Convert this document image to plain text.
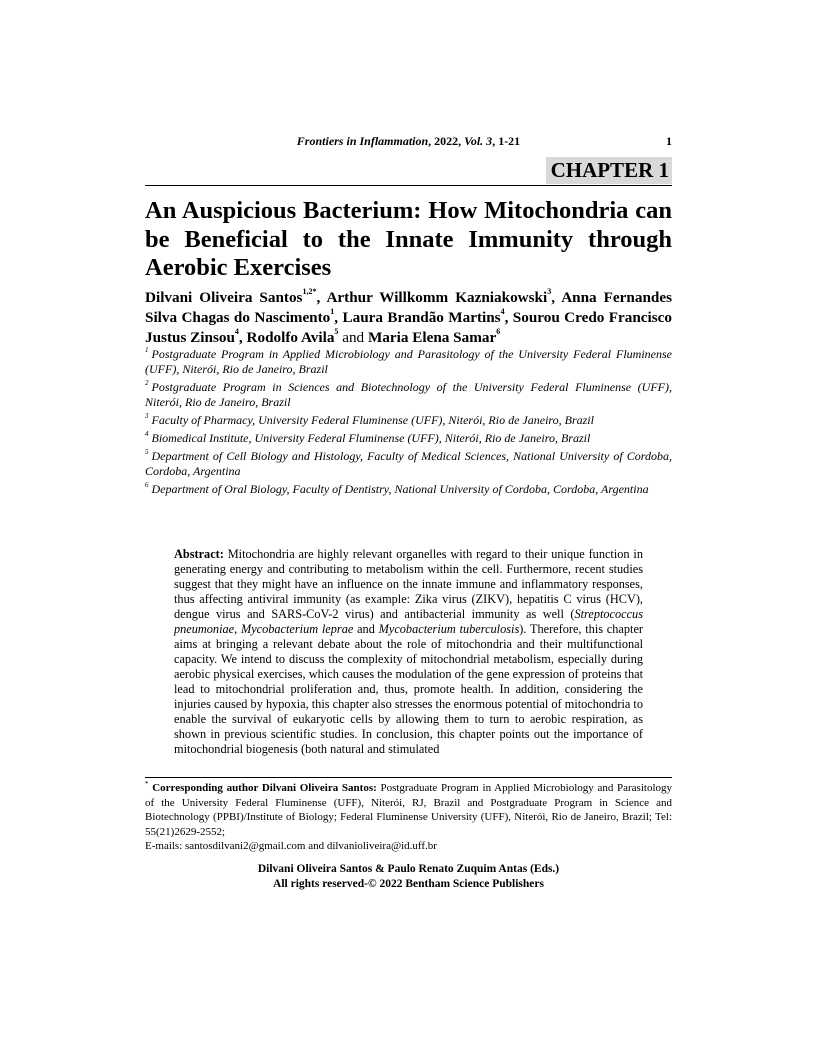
Frontiers in Inflammation, 2022, Vol. 3, 1-21	1
CHAPTER 1
An Auspicious Bacterium: How Mitochondria can be Beneficial to the Innate Immunity through Aerobic Exercises

Dilvani Oliveira Santos$^{1,2*}$, Arthur Willkomm Kazniakowski$^3$, Anna Fernandes Silva Chagas do Nascimento$^1$, Laura Brandão Martins$^4$, Sourou Credo Francisco Justus Zinsou$^4$, Rodolfo Avila$^5$ and Maria Elena Samar$^6$

$^1$ Postgraduate Program in Applied Microbiology and Parasitology of the University Federal Fluminense (UFF), Niterói, Rio de Janeiro, Brazil
$^2$ Postgraduate Program in Sciences and Biotechnology of the University Federal Fluminense (UFF), Niterói, Rio de Janeiro, Brazil
$^3$ Faculty of Pharmacy, University Federal Fluminense (UFF), Niterói, Rio de Janeiro, Brazil
$^4$ Biomedical Institute, University Federal Fluminense (UFF), Niterói, Rio de Janeiro, Brazil
$^5$ Department of Cell Biology and Histology, Faculty of Medical Sciences, National University of Cordoba, Cordoba, Argentina
$^6$ Department of Oral Biology, Faculty of Dentistry, National University of Cordoba, Cordoba, Argentina

Abstract: Mitochondria are highly relevant organelles with regard to their unique function in generating energy and contributing to metabolism within the cell. Furthermore, recent studies suggest that they might have an influence on the innate immune and inflammatory responses, thus affecting antiviral immunity (as example: Zika virus (ZIKV), hepatitis C virus (HCV), dengue virus and SARS-CoV-2 virus) and antibacterial immunity as well (Streptococcus pneumoniae, Mycobacterium leprae and Mycobacterium tuberculosis). Therefore, this chapter aims at bringing a relevant debate about the role of mitochondria and their multifunctional capacity. We intend to discuss the complexity of mitochondrial metabolism, especially during aerobic physical exercises, which causes the modulation of the gene expression of proteins that lead to mitochondrial proliferation and, thus, promote health. In addition, considering the injuries caused by hypoxia, this chapter also stresses the enormous potential of mitochondria to enable the survival of eukaryotic cells by allowing them to turn to aerobic respiration, as shown in previous scientific studies. In conclusion, this chapter points out the importance of mitochondrial biogenesis (both natural and stimulated

* Corresponding author Dilvani Oliveira Santos: Postgraduate Program in Applied Microbiology and Parasitology of the University Federal Fluminense (UFF), Niterói, RJ, Brazil and Postgraduate Program in Science and Biotechnology (PPBI)/Institute of Biology; Federal Fluminense University (UFF), Niterói, Rio de Janeiro, Brazil; Tel: 55(21)2629-2552;
E-mails: santosdilvani2@gmail.com and dilvanioliveira@id.uff.br

Dilvani Oliveira Santos & Paulo Renato Zuquim Antas (Eds.)
All rights reserved-© 2022 Bentham Science Publishers
